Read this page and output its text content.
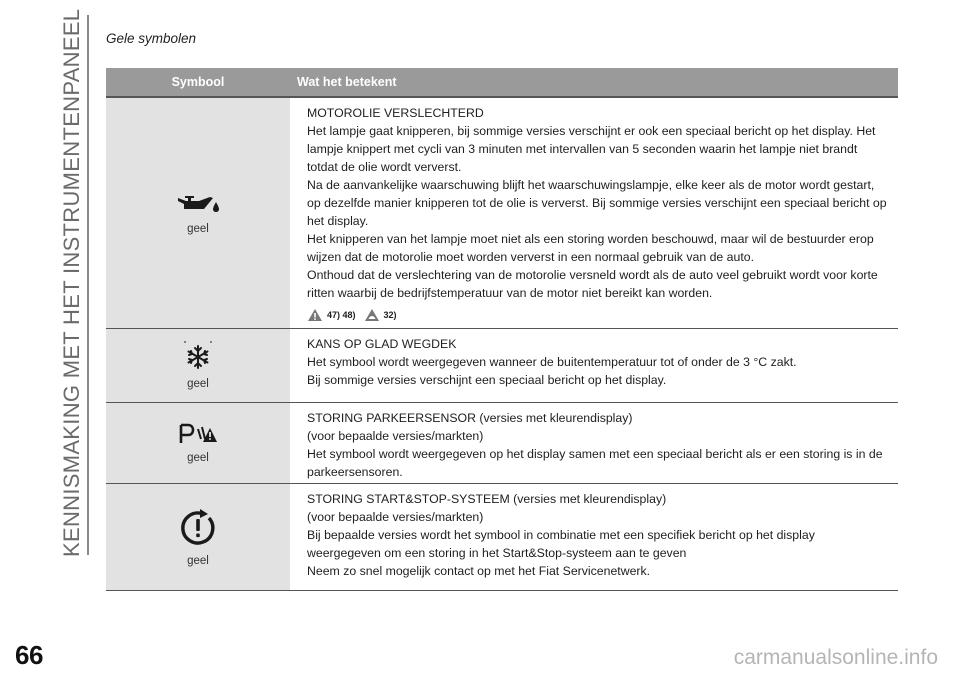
KENNISMAKING MET HET INSTRUMENTENPANEEL
66
Gele symbolen
Symbool	Wat het betekent
geel

MOTOROLIE VERSLECHTERD

Het lampje gaat knipperen, bij sommige versies verschijnt er ook een speciaal bericht op het display. Het lampje knippert met cycli van 3 minuten met intervallen van 5 seconden waarin het lampje niet brandt totdat de olie wordt ververst.

Na de aanvankelijke waarschuwing blijft het waarschuwingslampje, elke keer als de motor wordt gestart, op dezelfde manier knipperen tot de olie is ververst. Bij sommige versies verschijnt een speciaal bericht op het display.

Het knipperen van het lampje moet niet als een storing worden beschouwd, maar wil de bestuurder erop wijzen dat de motorolie moet worden ververst in een normaal gebruik van de auto.

Onthoud dat de verslechtering van de motorolie versneld wordt als de auto veel gebruikt wordt voor korte ritten waarbij de bedrijfstemperatuur van de motor niet bereikt kan worden.

47) 48)	32)
geel

KANS OP GLAD WEGDEK

Het symbool wordt weergegeven wanneer de buitentemperatuur tot of onder de 3 °C zakt.

Bij sommige versies verschijnt een speciaal bericht op het display.

geel

STORING PARKEERSENSOR (versies met kleurendisplay)

(voor bepaalde versies/markten)

Het symbool wordt weergegeven op het display samen met een speciaal bericht als er een storing is in de parkeersensoren.

geel

STORING START&STOP-SYSTEEM (versies met kleurendisplay)

(voor bepaalde versies/markten)

Bij bepaalde versies wordt het symbool in combinatie met een specifiek bericht op het display weergegeven om een storing in het Start&Stop-systeem aan te geven

Neem zo snel mogelijk contact op met het Fiat Servicenetwerk.

carmanualsonline.info
